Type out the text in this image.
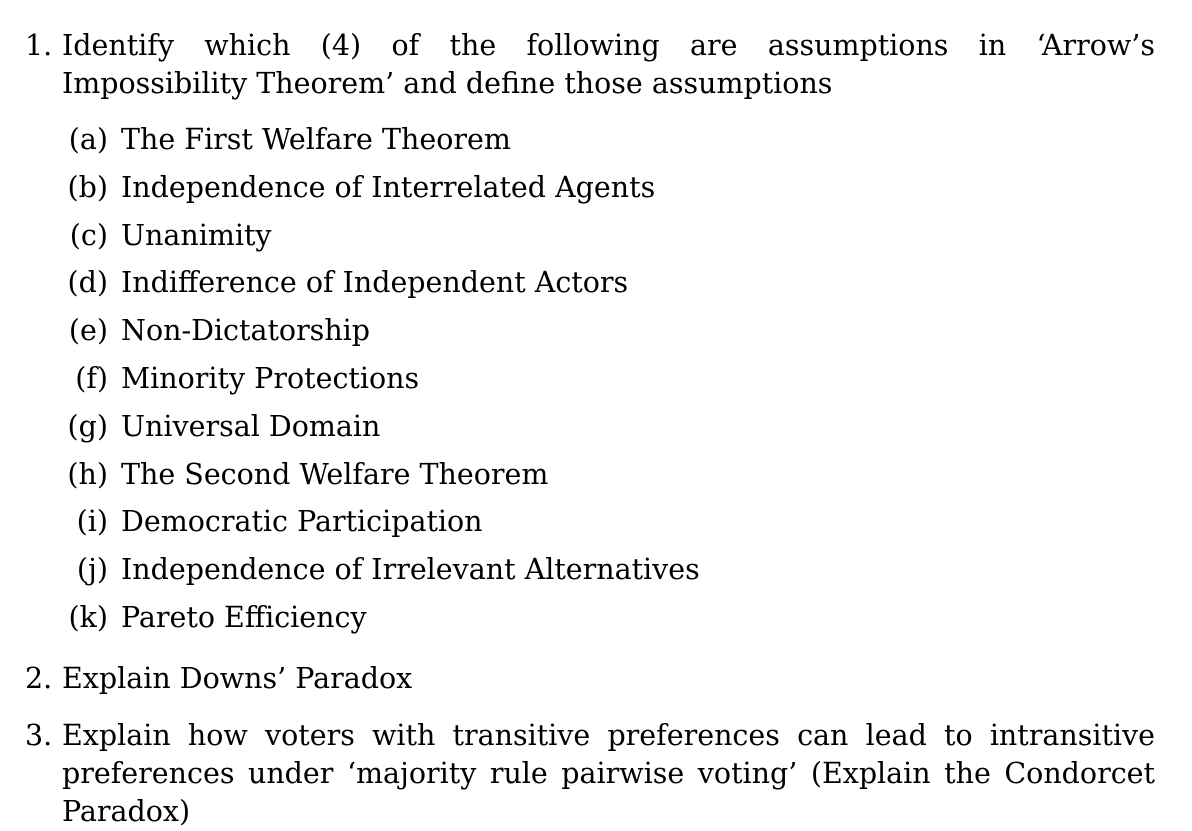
1. Identify which (4) of the following are assumptions in ‘Arrow’s Impossibility Theorem’ and define those assumptions
(a) The First Welfare Theorem
(b) Independence of Interrelated Agents
(c) Unanimity
(d) Indifference of Independent Actors
(e) Non-Dictatorship
(f) Minority Protections
(g) Universal Domain
(h) The Second Welfare Theorem
(i) Democratic Participation
(j) Independence of Irrelevant Alternatives
(k) Pareto Efficiency
2. Explain Downs’ Paradox
3. Explain how voters with transitive preferences can lead to intransitive preferences under ‘majority rule pairwise voting’ (Explain the Condorcet Paradox)
